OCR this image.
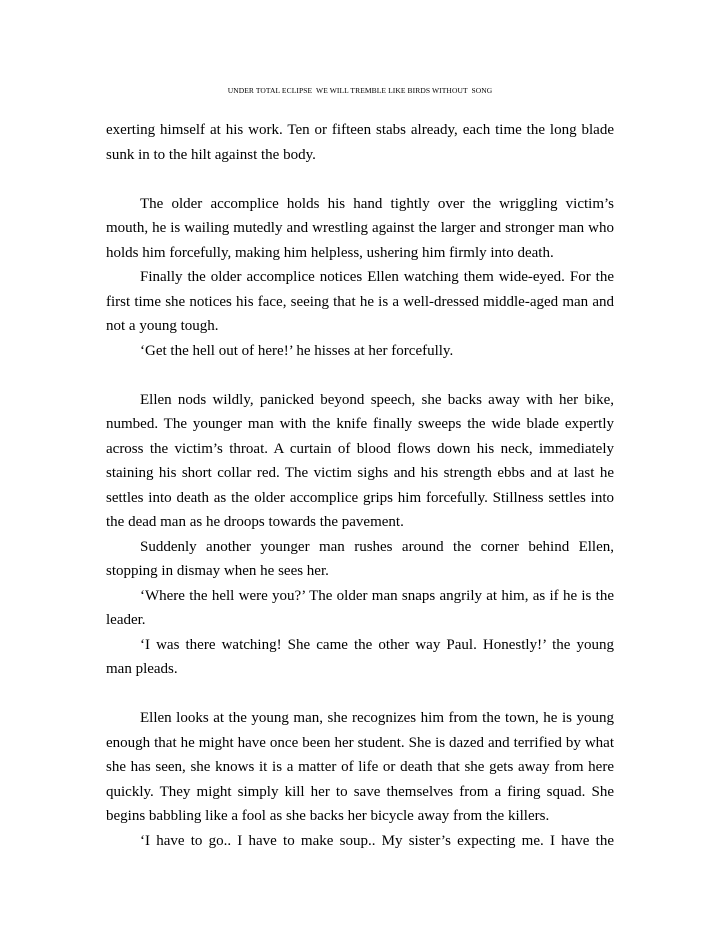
UNDER TOTAL ECLIPSE  WE WILL TREMBLE LIKE BIRDS WITHOUT  SONG

exerting himself at his work. Ten or fifteen stabs already, each time the long blade sunk in to the hilt against the body.

The older accomplice holds his hand tightly over the wriggling victim’s mouth, he is wailing mutedly and wrestling against the larger and stronger man who holds him forcefully, making him helpless, ushering him firmly into death.

Finally the older accomplice notices Ellen watching them wide-eyed. For the first time she notices his face, seeing that he is a well-dressed middle-aged man and not a young tough.

‘Get the hell out of here!’ he hisses at her forcefully.

Ellen nods wildly, panicked beyond speech, she backs away with her bike, numbed. The younger man with the knife finally sweeps the wide blade expertly across the victim’s throat. A curtain of blood flows down his neck, immediately staining his short collar red. The victim sighs and his strength ebbs and at last he settles into death as the older accomplice grips him forcefully. Stillness settles into the dead man as he droops towards the pavement.

Suddenly another younger man rushes around the corner behind Ellen, stopping in dismay when he sees her.

‘Where the hell were you?’ The older man snaps angrily at him, as if he is the leader.

‘I was there watching! She came the other way Paul. Honestly!’ the young man pleads.

Ellen looks at the young man, she recognizes him from the town, he is young enough that he might have once been her student. She is dazed and terrified by what she has seen, she knows it is a matter of life or death that she gets away from here quickly. They might simply kill her to save themselves from a firing squad. She begins babbling like a fool as she backs her bicycle away from the killers.

‘I have to go.. I have to make soup.. My sister’s expecting me. I have the
